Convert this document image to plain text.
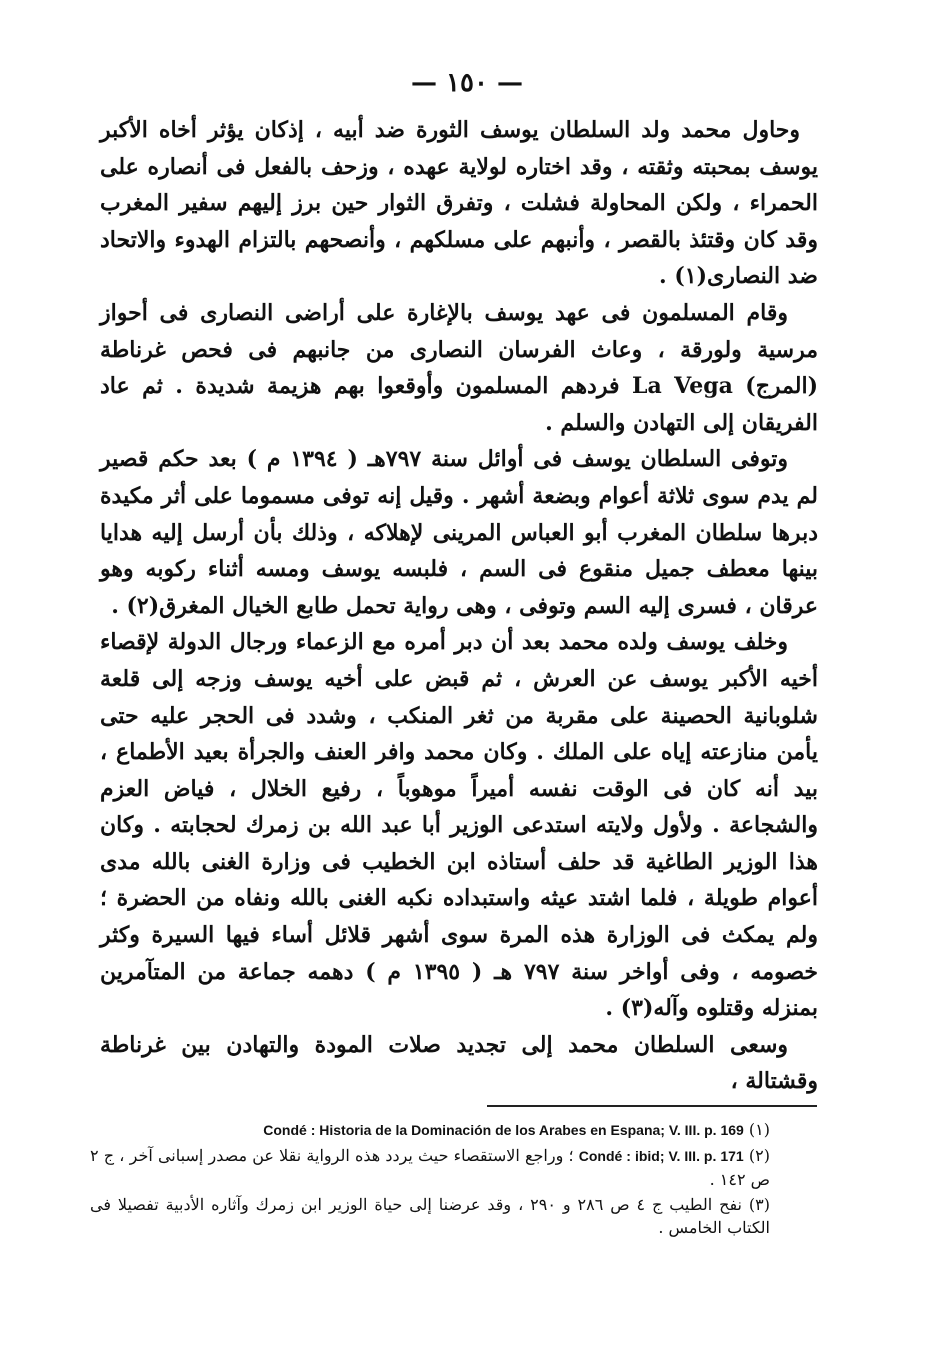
— ١٥٠ —

وحاول محمد ولد السلطان يوسف الثورة ضد أبيه ، إذكان يؤثر أخاه الأكبر يوسف بمحبته وثقته ، وقد اختاره لولاية عهده ، وزحف بالفعل فى أنصاره على الحمراء ، ولكن المحاولة فشلت ، وتفرق الثوار حين برز إليهم سفير المغرب وقد كان وقتئذ بالقصر ، وأنبهم على مسلكهم ، وأنصحهم بالتزام الهدوء والاتحاد ضد النصارى(١) .

وقام المسلمون فى عهد يوسف بالإغارة على أراضى النصارى فى أحواز مرسية ولورقة ، وعاث الفرسان النصارى من جانبهم فى فحص غرناطة (المرج) La Vega فردهم المسلمون وأوقعوا بهم هزيمة شديدة . ثم عاد الفريقان إلى التهادن والسلم .

وتوفى السلطان يوسف فى أوائل سنة ٧٩٧هـ ( ١٣٩٤ م ) بعد حكم قصير لم يدم سوى ثلاثة أعوام وبضعة أشهر . وقيل إنه توفى مسموما على أثر مكيدة دبرها سلطان المغرب أبو العباس المرينى لإهلاكه ، وذلك بأن أرسل إليه هدايا بينها معطف جميل منقوع فى السم ، فلبسه يوسف ومسه أثناء ركوبه وهو عرقان ، فسرى إليه السم وتوفى ، وهى رواية تحمل طابع الخيال المغرق(٢) .

وخلف يوسف ولده محمد بعد أن دبر أمره مع الزعماء ورجال الدولة لإقصاء أخيه الأكبر يوسف عن العرش ، ثم قبض على أخيه يوسف وزجه إلى قلعة شلوبانية الحصينة على مقربة من ثغر المنكب ، وشدد فى الحجر عليه حتى يأمن منازعته إياه على الملك . وكان محمد وافر العنف والجرأة بعيد الأطماع ، بيد أنه كان فى الوقت نفسه أميراً موهوباً ، رفيع الخلال ، فياض العزم والشجاعة . ولأول ولايته استدعى الوزير أبا عبد الله بن زمرك لحجابته . وكان هذا الوزير الطاغية قد حلف أستاذه ابن الخطيب فى وزارة الغنى بالله مدى أعوام طويلة ، فلما اشتد عيثه واستبداده نكبه الغنى بالله ونفاه من الحضرة ؛ ولم يمكث فى الوزارة هذه المرة سوى أشهر قلائل أساء فيها السيرة وكثر خصومه ، وفى أواخر سنة ٧٩٧ هـ ( ١٣٩٥ م ) دهمه جماعة من المتآمرين بمنزله وقتلوه وآله(٣) .

وسعى السلطان محمد إلى تجديد صلات المودة والتهادن بين غرناطة وقشتالة ،

(١) Condé : Historia de la Dominación de los Arabes en Espana; V. III. p. 169

(٢) Condé : ibid; V. III. p. 171 ؛ وراجع الاستقصاء حيث يردد هذه الرواية نقلا عن مصدر إسبانى آخر ، ج ٢ ص ١٤٢ .

(٣) نفح الطيب ج ٤ ص ٢٨٦ و ٢٩٠ ، وقد عرضنا إلى حياة الوزير ابن زمرك وآثاره الأدبية تفصيلا فى الكتاب الخامس .
